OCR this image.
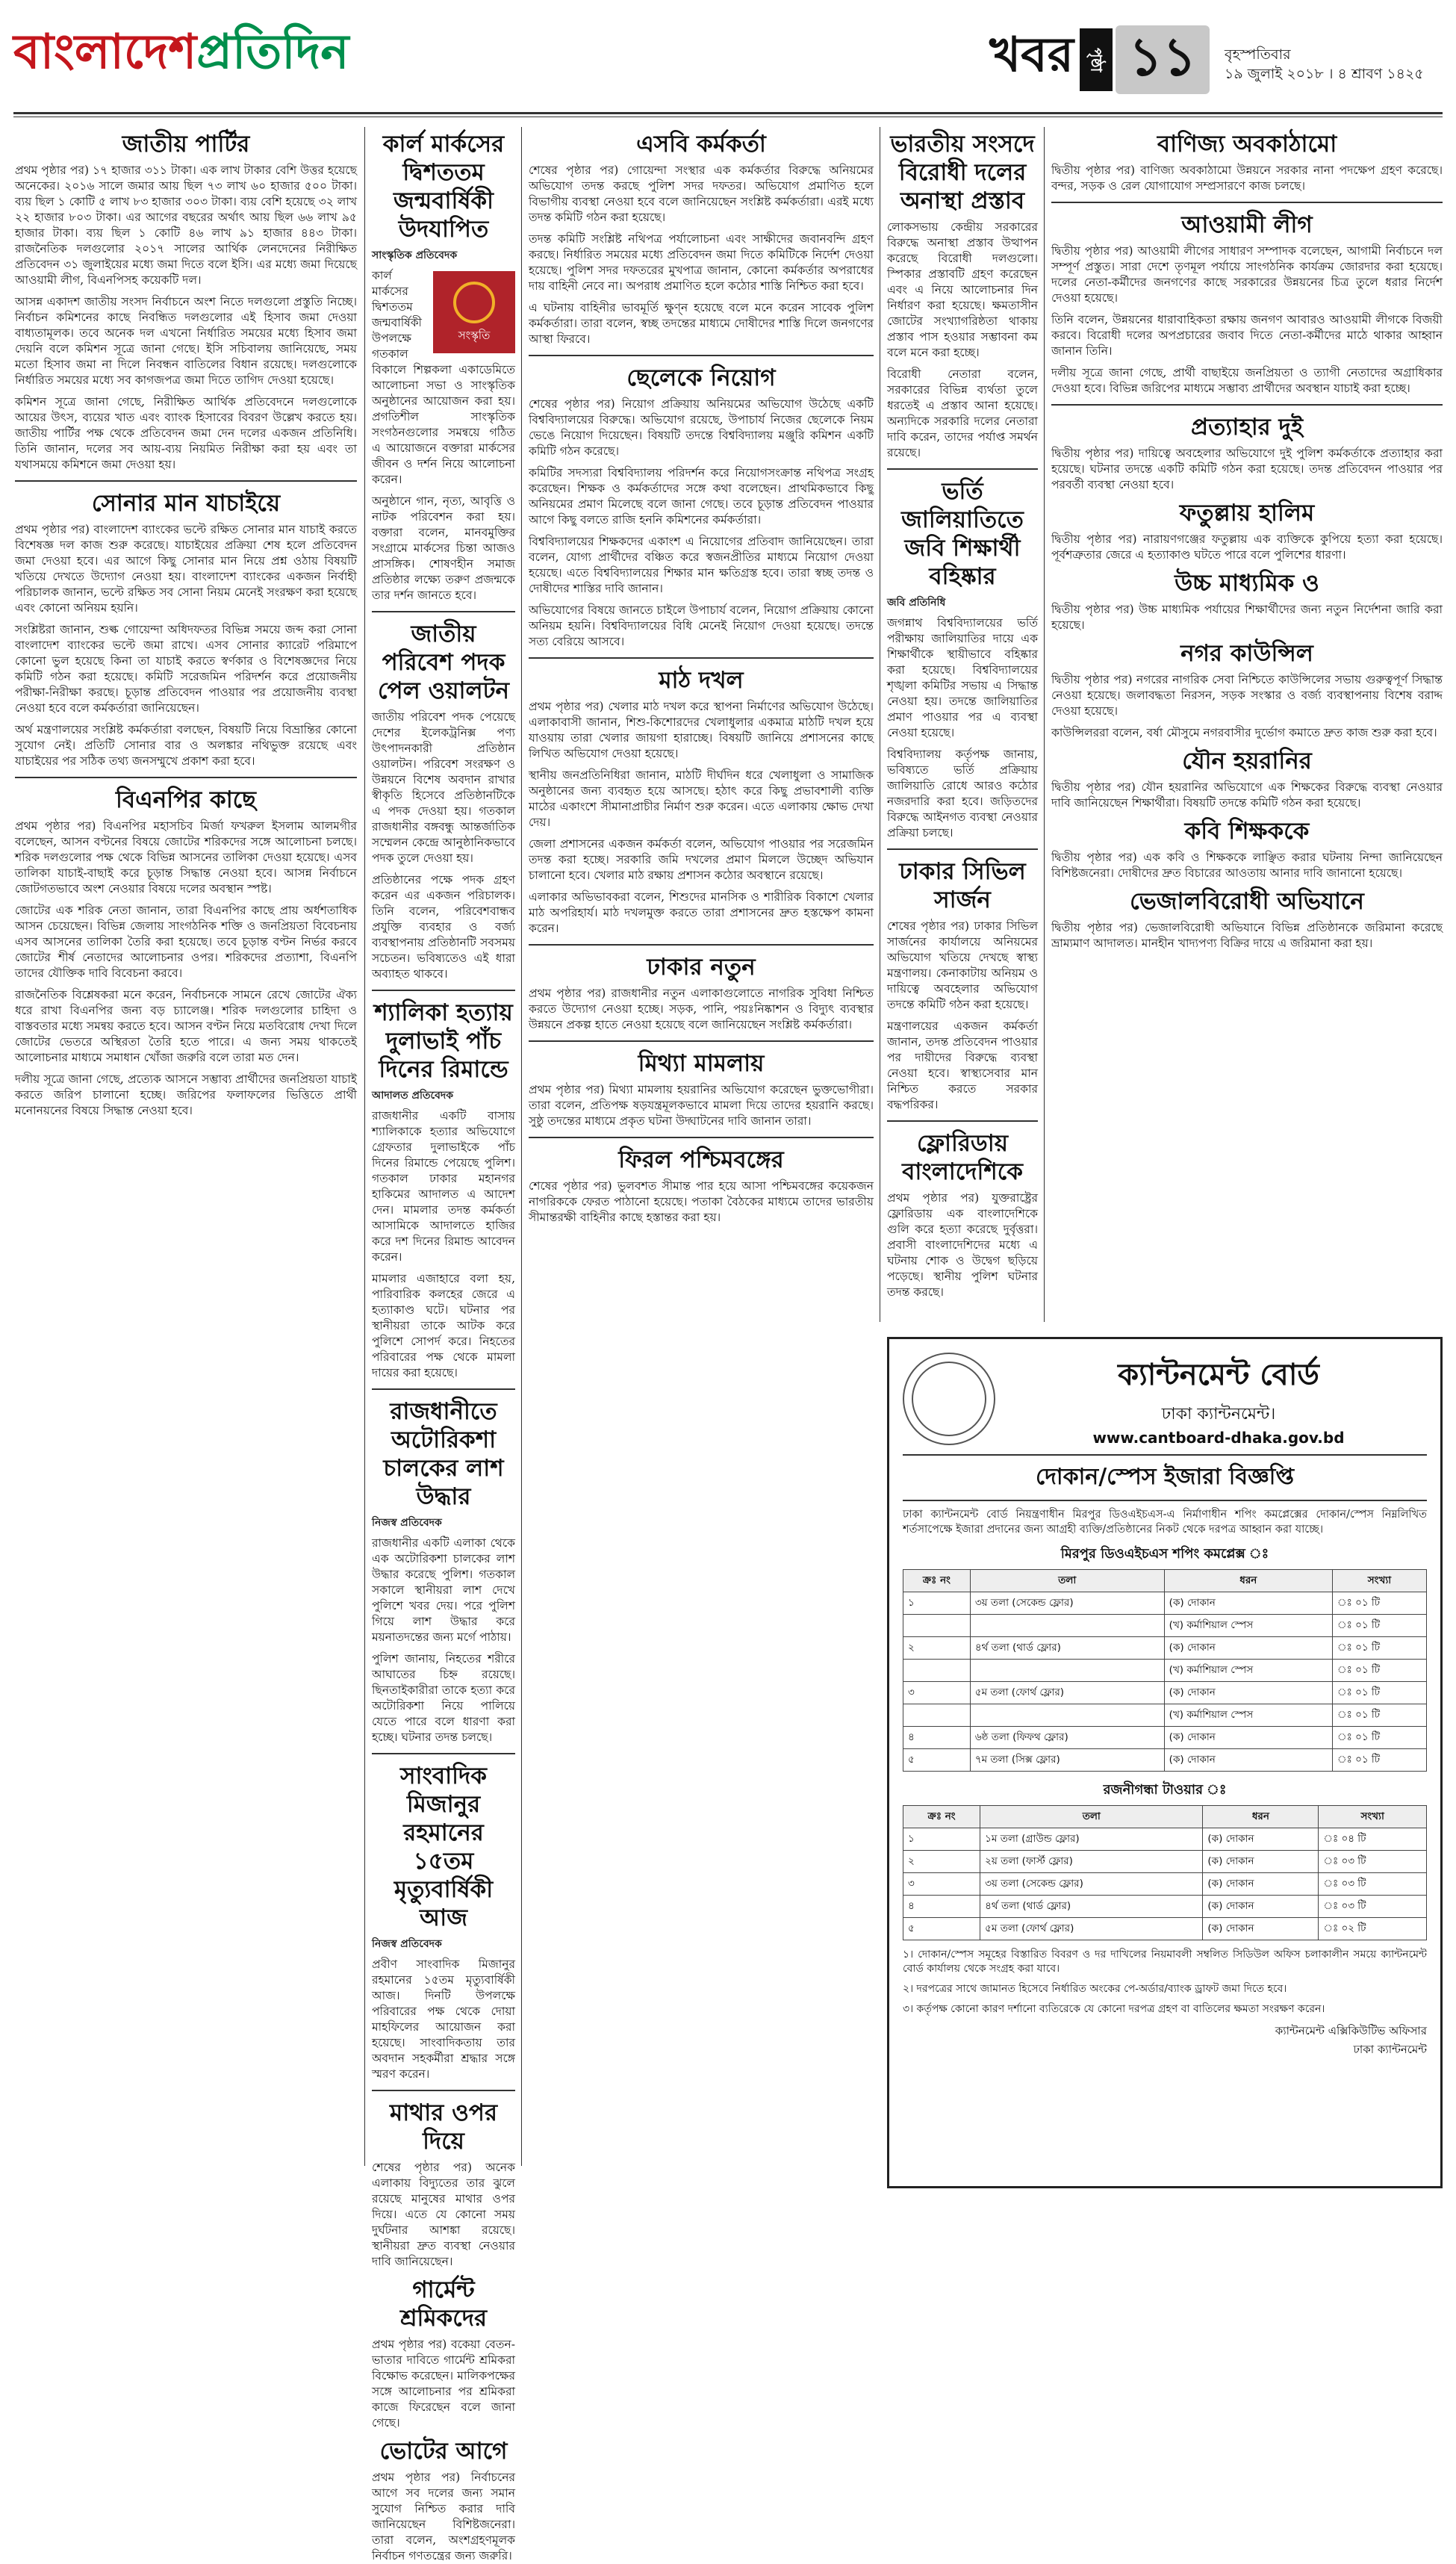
বাংলাদেশপ্রতিদিন	খবর পৃষ্ঠা ১১	বৃহস্পতিবার
১৯ জুলাই ২০১৮ । ৪ শ্রাবণ ১৪২৫
জাতীয় পার্টির

প্রথম পৃষ্ঠার পর) ১৭ হাজার ৩১১ টাকা। এক লাখ টাকার বেশি উত্তর হয়েছে অনেকের। ২০১৬ সালে জমার আয় ছিল ৭৩ লাখ ৬০ হাজার ৫০০ টাকা। ব্যয় ছিল ১ কোটি ৫ লাখ ৮৩ হাজার ৩০৩ টাকা। ব্যয় বেশি হয়েছে ৩২ লাখ ২২ হাজার ৮০৩ টাকা। এর আগের বছরের অর্থাৎ আয় ছিল ৬৬ লাখ ৯৫ হাজার টাকা। ব্যয় ছিল ১ কোটি ৪৬ লাখ ৯১ হাজার ৪৪৩ টাকা। রাজনৈতিক দলগুলোর ২০১৭ সালের আর্থিক লেনদেনের নিরীক্ষিত প্রতিবেদন ৩১ জুলাইয়ের মধ্যে জমা দিতে বলে ইসি। এর মধ্যে জমা দিয়েছে আওয়ামী লীগ, বিএনপিসহ কয়েকটি দল।

আসন্ন একাদশ জাতীয় সংসদ নির্বাচনে অংশ নিতে দলগুলো প্রস্তুতি নিচ্ছে। নির্বাচন কমিশনের কাছে নিবন্ধিত দলগুলোর এই হিসাব জমা দেওয়া বাধ্যতামূলক। তবে অনেক দল এখনো নির্ধারিত সময়ের মধ্যে হিসাব জমা দেয়নি বলে কমিশন সূত্রে জানা গেছে। ইসি সচিবালয় জানিয়েছে, সময় মতো হিসাব জমা না দিলে নিবন্ধন বাতিলের বিধান রয়েছে। দলগুলোকে নির্ধারিত সময়ের মধ্যে সব কাগজপত্র জমা দিতে তাগিদ দেওয়া হয়েছে।

কমিশন সূত্রে জানা গেছে, নিরীক্ষিত আর্থিক প্রতিবেদনে দলগুলোকে আয়ের উৎস, ব্যয়ের খাত এবং ব্যাংক হিসাবের বিবরণ উল্লেখ করতে হয়। জাতীয় পার্টির পক্ষ থেকে প্রতিবেদন জমা দেন দলের একজন প্রতিনিধি। তিনি জানান, দলের সব আয়-ব্যয় নিয়মিত নিরীক্ষা করা হয় এবং তা যথাসময়ে কমিশনে জমা দেওয়া হয়।

সোনার মান যাচাইয়ে

প্রথম পৃষ্ঠার পর) বাংলাদেশ ব্যাংকের ভল্টে রক্ষিত সোনার মান যাচাই করতে বিশেষজ্ঞ দল কাজ শুরু করেছে। যাচাইয়ের প্রক্রিয়া শেষ হলে প্রতিবেদন জমা দেওয়া হবে। এর আগে কিছু সোনার মান নিয়ে প্রশ্ন ওঠায় বিষয়টি খতিয়ে দেখতে উদ্যোগ নেওয়া হয়। বাংলাদেশ ব্যাংকের একজন নির্বাহী পরিচালক জানান, ভল্টে রক্ষিত সব সোনা নিয়ম মেনেই সংরক্ষণ করা হয়েছে এবং কোনো অনিয়ম হয়নি।

সংশ্লিষ্টরা জানান, শুল্ক গোয়েন্দা অধিদফতর বিভিন্ন সময়ে জব্দ করা সোনা বাংলাদেশ ব্যাংকের ভল্টে জমা রাখে। এসব সোনার ক্যারেট পরিমাপে কোনো ভুল হয়েছে কিনা তা যাচাই করতে স্বর্ণকার ও বিশেষজ্ঞদের নিয়ে কমিটি গঠন করা হয়েছে। কমিটি সরেজমিন পরিদর্শন করে প্রয়োজনীয় পরীক্ষা-নিরীক্ষা করছে। চূড়ান্ত প্রতিবেদন পাওয়ার পর প্রয়োজনীয় ব্যবস্থা নেওয়া হবে বলে কর্মকর্তারা জানিয়েছেন।

অর্থ মন্ত্রণালয়ের সংশ্লিষ্ট কর্মকর্তারা বলছেন, বিষয়টি নিয়ে বিভ্রান্তির কোনো সুযোগ নেই। প্রতিটি সোনার বার ও অলঙ্কার নথিভুক্ত রয়েছে এবং যাচাইয়ের পর সঠিক তথ্য জনসম্মুখে প্রকাশ করা হবে।

বিএনপির কাছে

প্রথম পৃষ্ঠার পর) বিএনপির মহাসচিব মির্জা ফখরুল ইসলাম আলমগীর বলেছেন, আসন বণ্টনের বিষয়ে জোটের শরিকদের সঙ্গে আলোচনা চলছে। শরিক দলগুলোর পক্ষ থেকে বিভিন্ন আসনের তালিকা দেওয়া হয়েছে। এসব তালিকা যাচাই-বাছাই করে চূড়ান্ত সিদ্ধান্ত নেওয়া হবে। আসন্ন নির্বাচনে জোটগতভাবে অংশ নেওয়ার বিষয়ে দলের অবস্থান স্পষ্ট।

জোটের এক শরিক নেতা জানান, তারা বিএনপির কাছে প্রায় অর্ধশতাধিক আসন চেয়েছেন। বিভিন্ন জেলায় সাংগঠনিক শক্তি ও জনপ্রিয়তা বিবেচনায় এসব আসনের তালিকা তৈরি করা হয়েছে। তবে চূড়ান্ত বণ্টন নির্ভর করবে জোটের শীর্ষ নেতাদের আলোচনার ওপর। শরিকদের প্রত্যাশা, বিএনপি তাদের যৌক্তিক দাবি বিবেচনা করবে।

রাজনৈতিক বিশ্লেষকরা মনে করেন, নির্বাচনকে সামনে রেখে জোটের ঐক্য ধরে রাখা বিএনপির জন্য বড় চ্যালেঞ্জ। শরিক দলগুলোর চাহিদা ও বাস্তবতার মধ্যে সমন্বয় করতে হবে। আসন বণ্টন নিয়ে মতবিরোধ দেখা দিলে জোটের ভেতরে অস্থিরতা তৈরি হতে পারে। এ জন্য সময় থাকতেই আলোচনার মাধ্যমে সমাধান খোঁজা জরুরি বলে তারা মত দেন।

দলীয় সূত্রে জানা গেছে, প্রত্যেক আসনে সম্ভাব্য প্রার্থীদের জনপ্রিয়তা যাচাই করতে জরিপ চালানো হচ্ছে। জরিপের ফলাফলের ভিত্তিতে প্রার্থী মনোনয়নের বিষয়ে সিদ্ধান্ত নেওয়া হবে।

কার্ল মার্কসের দ্বিশততম জন্মবার্ষিকী উদযাপিত
সাংস্কৃতিক প্রতিবেদক
সংস্কৃতি

কার্ল মার্কসের দ্বিশততম জন্মবার্ষিকী উপলক্ষে গতকাল বিকালে শিল্পকলা একাডেমিতে আলোচনা সভা ও সাংস্কৃতিক অনুষ্ঠানের আয়োজন করা হয়। প্রগতিশীল সাংস্কৃতিক সংগঠনগুলোর সমন্বয়ে গঠিত এ আয়োজনে বক্তারা মার্কসের জীবন ও দর্শন নিয়ে আলোচনা করেন।

অনুষ্ঠানে গান, নৃত্য, আবৃত্তি ও নাটক পরিবেশন করা হয়। বক্তারা বলেন, মানবমুক্তির সংগ্রামে মার্কসের চিন্তা আজও প্রাসঙ্গিক। শোষণহীন সমাজ প্রতিষ্ঠার লক্ষ্যে তরুণ প্রজন্মকে তার দর্শন জানতে হবে।

জাতীয় পরিবেশ পদক পেল ওয়ালটন

জাতীয় পরিবেশ পদক পেয়েছে দেশের ইলেকট্রনিক্স পণ্য উৎপাদনকারী প্রতিষ্ঠান ওয়ালটন। পরিবেশ সংরক্ষণ ও উন্নয়নে বিশেষ অবদান রাখার স্বীকৃতি হিসেবে প্রতিষ্ঠানটিকে এ পদক দেওয়া হয়। গতকাল রাজধানীর বঙ্গবন্ধু আন্তর্জাতিক সম্মেলন কেন্দ্রে আনুষ্ঠানিকভাবে পদক তুলে দেওয়া হয়।

প্রতিষ্ঠানের পক্ষে পদক গ্রহণ করেন এর একজন পরিচালক। তিনি বলেন, পরিবেশবান্ধব প্রযুক্তি ব্যবহার ও বর্জ্য ব্যবস্থাপনায় প্রতিষ্ঠানটি সবসময় সচেতন। ভবিষ্যতেও এই ধারা অব্যাহত থাকবে।

শ্যালিকা হত্যায় দুলাভাই পাঁচ দিনের রিমান্ডে
আদালত প্রতিবেদক

রাজধানীর একটি বাসায় শ্যালিকাকে হত্যার অভিযোগে গ্রেফতার দুলাভাইকে পাঁচ দিনের রিমান্ডে পেয়েছে পুলিশ। গতকাল ঢাকার মহানগর হাকিমের আদালত এ আদেশ দেন। মামলার তদন্ত কর্মকর্তা আসামিকে আদালতে হাজির করে দশ দিনের রিমান্ড আবেদন করেন।

মামলার এজাহারে বলা হয়, পারিবারিক কলহের জেরে এ হত্যাকাণ্ড ঘটে। ঘটনার পর স্থানীয়রা তাকে আটক করে পুলিশে সোপর্দ করে। নিহতের পরিবারের পক্ষ থেকে মামলা দায়ের করা হয়েছে।

রাজধানীতে অটোরিকশা চালকের লাশ উদ্ধার
নিজস্ব প্রতিবেদক

রাজধানীর একটি এলাকা থেকে এক অটোরিকশা চালকের লাশ উদ্ধার করেছে পুলিশ। গতকাল সকালে স্থানীয়রা লাশ দেখে পুলিশে খবর দেয়। পরে পুলিশ গিয়ে লাশ উদ্ধার করে ময়নাতদন্তের জন্য মর্গে পাঠায়।

পুলিশ জানায়, নিহতের শরীরে আঘাতের চিহ্ন রয়েছে। ছিনতাইকারীরা তাকে হত্যা করে অটোরিকশা নিয়ে পালিয়ে যেতে পারে বলে ধারণা করা হচ্ছে। ঘটনার তদন্ত চলছে।

সাংবাদিক মিজানুর রহমানের ১৫তম মৃত্যুবার্ষিকী আজ
নিজস্ব প্রতিবেদক

প্রবীণ সাংবাদিক মিজানুর রহমানের ১৫তম মৃত্যুবার্ষিকী আজ। দিনটি উপলক্ষে পরিবারের পক্ষ থেকে দোয়া মাহফিলের আয়োজন করা হয়েছে। সাংবাদিকতায় তার অবদান সহকর্মীরা শ্রদ্ধার সঙ্গে স্মরণ করেন।

মাথার ওপর দিয়ে

শেষের পৃষ্ঠার পর) অনেক এলাকায় বিদ্যুতের তার ঝুলে রয়েছে মানুষের মাথার ওপর দিয়ে। এতে যে কোনো সময় দুর্ঘটনার আশঙ্কা রয়েছে। স্থানীয়রা দ্রুত ব্যবস্থা নেওয়ার দাবি জানিয়েছেন।

গার্মেন্ট শ্রমিকদের

প্রথম পৃষ্ঠার পর) বকেয়া বেতন-ভাতার দাবিতে গার্মেন্ট শ্রমিকরা বিক্ষোভ করেছেন। মালিকপক্ষের সঙ্গে আলোচনার পর শ্রমিকরা কাজে ফিরেছেন বলে জানা গেছে।

ভোটের আগে

প্রথম পৃষ্ঠার পর) নির্বাচনের আগে সব দলের জন্য সমান সুযোগ নিশ্চিত করার দাবি জানিয়েছেন বিশিষ্টজনেরা। তারা বলেন, অংশগ্রহণমূলক নির্বাচন গণতন্ত্রের জন্য জরুরি।

এসবি কর্মকর্তা

শেষের পৃষ্ঠার পর) গোয়েন্দা সংস্থার এক কর্মকর্তার বিরুদ্ধে অনিয়মের অভিযোগ তদন্ত করছে পুলিশ সদর দফতর। অভিযোগ প্রমাণিত হলে বিভাগীয় ব্যবস্থা নেওয়া হবে বলে জানিয়েছেন সংশ্লিষ্ট কর্মকর্তারা। এরই মধ্যে তদন্ত কমিটি গঠন করা হয়েছে।

তদন্ত কমিটি সংশ্লিষ্ট নথিপত্র পর্যালোচনা এবং সাক্ষীদের জবানবন্দি গ্রহণ করছে। নির্ধারিত সময়ের মধ্যে প্রতিবেদন জমা দিতে কমিটিকে নির্দেশ দেওয়া হয়েছে। পুলিশ সদর দফতরের মুখপাত্র জানান, কোনো কর্মকর্তার অপরাধের দায় বাহিনী নেবে না। অপরাধ প্রমাণিত হলে কঠোর শাস্তি নিশ্চিত করা হবে।

এ ঘটনায় বাহিনীর ভাবমূর্তি ক্ষুণ্ন হয়েছে বলে মনে করেন সাবেক পুলিশ কর্মকর্তারা। তারা বলেন, স্বচ্ছ তদন্তের মাধ্যমে দোষীদের শাস্তি দিলে জনগণের আস্থা ফিরবে।

ছেলেকে নিয়োগ

শেষের পৃষ্ঠার পর) নিয়োগ প্রক্রিয়ায় অনিয়মের অভিযোগ উঠেছে একটি বিশ্ববিদ্যালয়ের বিরুদ্ধে। অভিযোগ রয়েছে, উপাচার্য নিজের ছেলেকে নিয়ম ভেঙে নিয়োগ দিয়েছেন। বিষয়টি তদন্তে বিশ্ববিদ্যালয় মঞ্জুরি কমিশন একটি কমিটি গঠন করেছে।

কমিটির সদস্যরা বিশ্ববিদ্যালয় পরিদর্শন করে নিয়োগসংক্রান্ত নথিপত্র সংগ্রহ করেছেন। শিক্ষক ও কর্মকর্তাদের সঙ্গে কথা বলেছেন। প্রাথমিকভাবে কিছু অনিয়মের প্রমাণ মিলেছে বলে জানা গেছে। তবে চূড়ান্ত প্রতিবেদন পাওয়ার আগে কিছু বলতে রাজি হননি কমিশনের কর্মকর্তারা।

বিশ্ববিদ্যালয়ের শিক্ষকদের একাংশ এ নিয়োগের প্রতিবাদ জানিয়েছেন। তারা বলেন, যোগ্য প্রার্থীদের বঞ্চিত করে স্বজনপ্রীতির মাধ্যমে নিয়োগ দেওয়া হয়েছে। এতে বিশ্ববিদ্যালয়ের শিক্ষার মান ক্ষতিগ্রস্ত হবে। তারা স্বচ্ছ তদন্ত ও দোষীদের শাস্তির দাবি জানান।

অভিযোগের বিষয়ে জানতে চাইলে উপাচার্য বলেন, নিয়োগ প্রক্রিয়ায় কোনো অনিয়ম হয়নি। বিশ্ববিদ্যালয়ের বিধি মেনেই নিয়োগ দেওয়া হয়েছে। তদন্তে সত্য বেরিয়ে আসবে।

মাঠ দখল

প্রথম পৃষ্ঠার পর) খেলার মাঠ দখল করে স্থাপনা নির্মাণের অভিযোগ উঠেছে। এলাকাবাসী জানান, শিশু-কিশোরদের খেলাধুলার একমাত্র মাঠটি দখল হয়ে যাওয়ায় তারা খেলার জায়গা হারাচ্ছে। বিষয়টি জানিয়ে প্রশাসনের কাছে লিখিত অভিযোগ দেওয়া হয়েছে।

স্থানীয় জনপ্রতিনিধিরা জানান, মাঠটি দীর্ঘদিন ধরে খেলাধুলা ও সামাজিক অনুষ্ঠানের জন্য ব্যবহৃত হয়ে আসছে। হঠাৎ করে কিছু প্রভাবশালী ব্যক্তি মাঠের একাংশে সীমানাপ্রাচীর নির্মাণ শুরু করেন। এতে এলাকায় ক্ষোভ দেখা দেয়।

জেলা প্রশাসনের একজন কর্মকর্তা বলেন, অভিযোগ পাওয়ার পর সরেজমিন তদন্ত করা হচ্ছে। সরকারি জমি দখলের প্রমাণ মিললে উচ্ছেদ অভিযান চালানো হবে। খেলার মাঠ রক্ষায় প্রশাসন কঠোর অবস্থানে রয়েছে।

এলাকার অভিভাবকরা বলেন, শিশুদের মানসিক ও শারীরিক বিকাশে খেলার মাঠ অপরিহার্য। মাঠ দখলমুক্ত করতে তারা প্রশাসনের দ্রুত হস্তক্ষেপ কামনা করেন।

ঢাকার নতুন

প্রথম পৃষ্ঠার পর) রাজধানীর নতুন এলাকাগুলোতে নাগরিক সুবিধা নিশ্চিত করতে উদ্যোগ নেওয়া হচ্ছে। সড়ক, পানি, পয়ঃনিষ্কাশন ও বিদ্যুৎ ব্যবস্থার উন্নয়নে প্রকল্প হাতে নেওয়া হয়েছে বলে জানিয়েছেন সংশ্লিষ্ট কর্মকর্তারা।

মিথ্যা মামলায়

প্রথম পৃষ্ঠার পর) মিথ্যা মামলায় হয়রানির অভিযোগ করেছেন ভুক্তভোগীরা। তারা বলেন, প্রতিপক্ষ ষড়যন্ত্রমূলকভাবে মামলা দিয়ে তাদের হয়রানি করছে। সুষ্ঠু তদন্তের মাধ্যমে প্রকৃত ঘটনা উদ্ঘাটনের দাবি জানান তারা।

ফিরল পশ্চিমবঙ্গের

শেষের পৃষ্ঠার পর) ভুলবশত সীমান্ত পার হয়ে আসা পশ্চিমবঙ্গের কয়েকজন নাগরিককে ফেরত পাঠানো হয়েছে। পতাকা বৈঠকের মাধ্যমে তাদের ভারতীয় সীমান্তরক্ষী বাহিনীর কাছে হস্তান্তর করা হয়।

ভারতীয় সংসদে বিরোধী দলের অনাস্থা প্রস্তাব

লোকসভায় কেন্দ্রীয় সরকারের বিরুদ্ধে অনাস্থা প্রস্তাব উত্থাপন করেছে বিরোধী দলগুলো। স্পিকার প্রস্তাবটি গ্রহণ করেছেন এবং এ নিয়ে আলোচনার দিন নির্ধারণ করা হয়েছে। ক্ষমতাসীন জোটের সংখ্যাগরিষ্ঠতা থাকায় প্রস্তাব পাস হওয়ার সম্ভাবনা কম বলে মনে করা হচ্ছে।

বিরোধী নেতারা বলেন, সরকারের বিভিন্ন ব্যর্থতা তুলে ধরতেই এ প্রস্তাব আনা হয়েছে। অন্যদিকে সরকারি দলের নেতারা দাবি করেন, তাদের পর্যাপ্ত সমর্থন রয়েছে।

ভর্তি জালিয়াতিতে জবি শিক্ষার্থী বহিষ্কার
জবি প্রতিনিধি

জগন্নাথ বিশ্ববিদ্যালয়ের ভর্তি পরীক্ষায় জালিয়াতির দায়ে এক শিক্ষার্থীকে স্থায়ীভাবে বহিষ্কার করা হয়েছে। বিশ্ববিদ্যালয়ের শৃঙ্খলা কমিটির সভায় এ সিদ্ধান্ত নেওয়া হয়। তদন্তে জালিয়াতির প্রমাণ পাওয়ার পর এ ব্যবস্থা নেওয়া হয়েছে।

বিশ্ববিদ্যালয় কর্তৃপক্ষ জানায়, ভবিষ্যতে ভর্তি প্রক্রিয়ায় জালিয়াতি রোধে আরও কঠোর নজরদারি করা হবে। জড়িতদের বিরুদ্ধে আইনগত ব্যবস্থা নেওয়ার প্রক্রিয়া চলছে।

ঢাকার সিভিল সার্জন

শেষের পৃষ্ঠার পর) ঢাকার সিভিল সার্জনের কার্যালয়ে অনিয়মের অভিযোগ খতিয়ে দেখছে স্বাস্থ্য মন্ত্রণালয়। কেনাকাটায় অনিয়ম ও দায়িত্বে অবহেলার অভিযোগ তদন্তে কমিটি গঠন করা হয়েছে।

মন্ত্রণালয়ের একজন কর্মকর্তা জানান, তদন্ত প্রতিবেদন পাওয়ার পর দায়ীদের বিরুদ্ধে ব্যবস্থা নেওয়া হবে। স্বাস্থ্যসেবার মান নিশ্চিত করতে সরকার বদ্ধপরিকর।

ফ্লোরিডায় বাংলাদেশিকে

প্রথম পৃষ্ঠার পর) যুক্তরাষ্ট্রের ফ্লোরিডায় এক বাংলাদেশিকে গুলি করে হত্যা করেছে দুর্বৃত্তরা। প্রবাসী বাংলাদেশিদের মধ্যে এ ঘটনায় শোক ও উদ্বেগ ছড়িয়ে পড়েছে। স্থানীয় পুলিশ ঘটনার তদন্ত করছে।

বাণিজ্য অবকাঠামো

দ্বিতীয় পৃষ্ঠার পর) বাণিজ্য অবকাঠামো উন্নয়নে সরকার নানা পদক্ষেপ গ্রহণ করেছে। বন্দর, সড়ক ও রেল যোগাযোগ সম্প্রসারণে কাজ চলছে।

আওয়ামী লীগ

দ্বিতীয় পৃষ্ঠার পর) আওয়ামী লীগের সাধারণ সম্পাদক বলেছেন, আগামী নির্বাচনে দল সম্পূর্ণ প্রস্তুত। সারা দেশে তৃণমূল পর্যায়ে সাংগঠনিক কার্যক্রম জোরদার করা হয়েছে। দলের নেতা-কর্মীদের জনগণের কাছে সরকারের উন্নয়নের চিত্র তুলে ধরার নির্দেশ দেওয়া হয়েছে।

তিনি বলেন, উন্নয়নের ধারাবাহিকতা রক্ষায় জনগণ আবারও আওয়ামী লীগকে বিজয়ী করবে। বিরোধী দলের অপপ্রচারের জবাব দিতে নেতা-কর্মীদের মাঠে থাকার আহ্বান জানান তিনি।

দলীয় সূত্রে জানা গেছে, প্রার্থী বাছাইয়ে জনপ্রিয়তা ও ত্যাগী নেতাদের অগ্রাধিকার দেওয়া হবে। বিভিন্ন জরিপের মাধ্যমে সম্ভাব্য প্রার্থীদের অবস্থান যাচাই করা হচ্ছে।

প্রত্যাহার দুই

দ্বিতীয় পৃষ্ঠার পর) দায়িত্বে অবহেলার অভিযোগে দুই পুলিশ কর্মকর্তাকে প্রত্যাহার করা হয়েছে। ঘটনার তদন্তে একটি কমিটি গঠন করা হয়েছে। তদন্ত প্রতিবেদন পাওয়ার পর পরবর্তী ব্যবস্থা নেওয়া হবে।

ফতুল্লায় হালিম

দ্বিতীয় পৃষ্ঠার পর) নারায়ণগঞ্জের ফতুল্লায় এক ব্যক্তিকে কুপিয়ে হত্যা করা হয়েছে। পূর্বশত্রুতার জেরে এ হত্যাকাণ্ড ঘটতে পারে বলে পুলিশের ধারণা।

উচ্চ মাধ্যমিক ও

দ্বিতীয় পৃষ্ঠার পর) উচ্চ মাধ্যমিক পর্যায়ের শিক্ষার্থীদের জন্য নতুন নির্দেশনা জারি করা হয়েছে।

নগর কাউন্সিল

দ্বিতীয় পৃষ্ঠার পর) নগরের নাগরিক সেবা নিশ্চিতে কাউন্সিলের সভায় গুরুত্বপূর্ণ সিদ্ধান্ত নেওয়া হয়েছে। জলাবদ্ধতা নিরসন, সড়ক সংস্কার ও বর্জ্য ব্যবস্থাপনায় বিশেষ বরাদ্দ দেওয়া হয়েছে।

কাউন্সিলররা বলেন, বর্ষা মৌসুমে নগরবাসীর দুর্ভোগ কমাতে দ্রুত কাজ শুরু করা হবে।

যৌন হয়রানির

দ্বিতীয় পৃষ্ঠার পর) যৌন হয়রানির অভিযোগে এক শিক্ষকের বিরুদ্ধে ব্যবস্থা নেওয়ার দাবি জানিয়েছেন শিক্ষার্থীরা। বিষয়টি তদন্তে কমিটি গঠন করা হয়েছে।

কবি শিক্ষককে

দ্বিতীয় পৃষ্ঠার পর) এক কবি ও শিক্ষককে লাঞ্ছিত করার ঘটনায় নিন্দা জানিয়েছেন বিশিষ্টজনেরা। দোষীদের দ্রুত বিচারের আওতায় আনার দাবি জানানো হয়েছে।

ভেজালবিরোধী অভিযানে

দ্বিতীয় পৃষ্ঠার পর) ভেজালবিরোধী অভিযানে বিভিন্ন প্রতিষ্ঠানকে জরিমানা করেছে ভ্রাম্যমাণ আদালত। মানহীন খাদ্যপণ্য বিক্রির দায়ে এ জরিমানা করা হয়।

ক্যান্টনমেন্ট বোর্ড
ঢাকা ক্যান্টনমেন্ট।
www.cantboard-dhaka.gov.bd
দোকান/স্পেস ইজারা বিজ্ঞপ্তি
ঢাকা ক্যান্টনমেন্ট বোর্ড নিয়ন্ত্রণাধীন মিরপুর ডিওএইচএস-এ নির্মাণাধীন শপিং কমপ্লেক্সের দোকান/স্পেস নিম্নলিখিত শর্তসাপেক্ষে ইজারা প্রদানের জন্য আগ্রহী ব্যক্তি/প্রতিষ্ঠানের নিকট থেকে দরপত্র আহ্বান করা যাচ্ছে।
মিরপুর ডিওএইচএস শপিং কমপ্লেক্স ঃ
ক্রঃ নং	তলা	ধরন	সংখ্যা
১	৩য় তলা (সেকেন্ড ফ্লোর)	(ক) দোকান	ঃ ০১ টি
		(খ) কর্মাশিয়াল স্পেস	ঃ ০১ টি
২	৪র্থ তলা (থার্ড ফ্লোর)	(ক) দোকান	ঃ ০১ টি
		(খ) কর্মাশিয়াল স্পেস	ঃ ০১ টি
৩	৫ম তলা (ফোর্থ ফ্লোর)	(ক) দোকান	ঃ ০১ টি
		(খ) কর্মাশিয়াল স্পেস	ঃ ০১ টি
৪	৬ষ্ঠ তলা (ফিফথ ফ্লোর)	(ক) দোকান	ঃ ০১ টি
৫	৭ম তলা (সিক্স ফ্লোর)	(ক) দোকান	ঃ ০১ টি
রজনীগন্ধা টাওয়ার ঃ
ক্রঃ নং	তলা	ধরন	সংখ্যা
১	১ম তলা (গ্রাউন্ড ফ্লোর)	(ক) দোকান	ঃ ০৪ টি
২	২য় তলা (ফার্স্ট ফ্লোর)	(ক) দোকান	ঃ ০৩ টি
৩	৩য় তলা (সেকেন্ড ফ্লোর)	(ক) দোকান	ঃ ০৩ টি
৪	৪র্থ তলা (থার্ড ফ্লোর)	(ক) দোকান	ঃ ০৩ টি
৫	৫ম তলা (ফোর্থ ফ্লোর)	(ক) দোকান	ঃ ০২ টি

১। দোকান/স্পেস সমূহের বিস্তারিত বিবরণ ও দর দাখিলের নিয়মাবলী সম্বলিত সিডিউল অফিস চলাকালীন সময়ে ক্যান্টনমেন্ট বোর্ড কার্যালয় থেকে সংগ্রহ করা যাবে।

২। দরপত্রের সাথে জামানত হিসেবে নির্ধারিত অংকের পে-অর্ডার/ব্যাংক ড্রাফট জমা দিতে হবে।

৩। কর্তৃপক্ষ কোনো কারণ দর্শানো ব্যতিরেকে যে কোনো দরপত্র গ্রহণ বা বাতিলের ক্ষমতা সংরক্ষণ করেন।

ক্যান্টনমেন্ট এক্সিকিউটিভ অফিসার
ঢাকা ক্যান্টনমেন্ট
